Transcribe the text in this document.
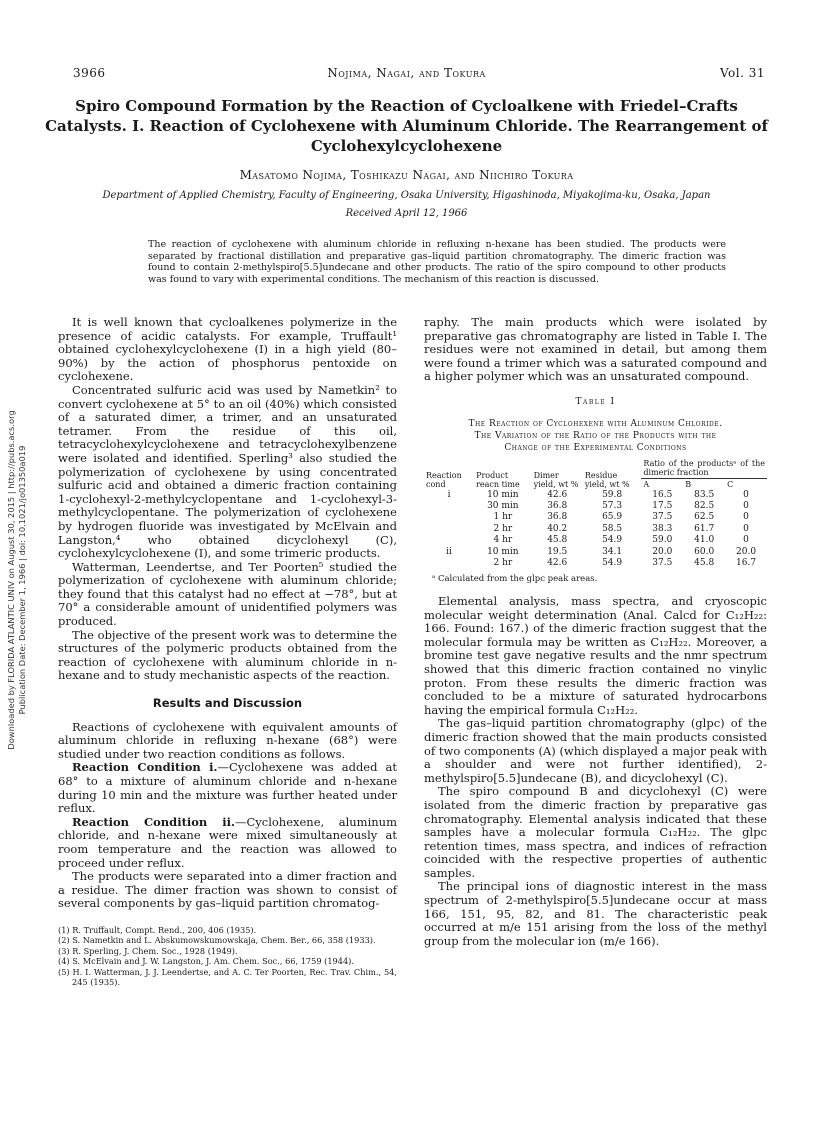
3966	Nojima, Nagai, and Tokura	Vol. 31
Downloaded by FLORIDA ATLANTIC UNIV on August 30, 2015 | http://pubs.acs.org
Publication Date: December 1, 1966 | doi: 10.1021/jo01350a019
Spiro Compound Formation by the Reaction of Cycloalkene with Friedel–Crafts Catalysts. I. Reaction of Cyclohexene with Aluminum Chloride. The Rearrangement of Cyclohexylcyclohexene
Masatomo Nojima, Toshikazu Nagai, and Niichiro Tokura
Department of Applied Chemistry, Faculty of Engineering, Osaka University, Higashinoda, Miyakojima-ku, Osaka, Japan
Received April 12, 1966
The reaction of cyclohexene with aluminum chloride in refluxing n-hexane has been studied. The products were separated by fractional distillation and preparative gas–liquid partition chromatography. The dimeric fraction was found to contain 2-methylspiro[5.5]undecane and other products. The ratio of the spiro compound to other products was found to vary with experimental conditions. The mechanism of this reaction is discussed.

It is well known that cycloalkenes polymerize in the presence of acidic catalysts. For example, Truffault¹ obtained cyclohexylcyclohexene (I) in a high yield (80–90%) by the action of phosphorus pentoxide on cyclohexene.

Concentrated sulfuric acid was used by Nametkin² to convert cyclohexene at 5° to an oil (40%) which consisted of a saturated dimer, a trimer, and an unsaturated tetramer. From the residue of this oil, tetracyclohexylcyclohexene and tetracyclohexylbenzene were isolated and identified. Sperling³ also studied the polymerization of cyclohexene by using concentrated sulfuric acid and obtained a dimeric fraction containing 1-cyclohexyl-2-methylcyclopentane and 1-cyclohexyl-3-methylcyclopentane. The polymerization of cyclohexene by hydrogen fluoride was investigated by McElvain and Langston,⁴ who obtained dicyclohexyl (C), cyclohexylcyclohexene (I), and some trimeric products.

Watterman, Leendertse, and Ter Poorten⁵ studied the polymerization of cyclohexene with aluminum chloride; they found that this catalyst had no effect at −78°, but at 70° a considerable amount of unidentified polymers was produced.

The objective of the present work was to determine the structures of the polymeric products obtained from the reaction of cyclohexene with aluminum chloride in n-hexane and to study mechanistic aspects of the reaction.

Results and Discussion

Reactions of cyclohexene with equivalent amounts of aluminum chloride in refluxing n-hexane (68°) were studied under two reaction conditions as follows.

Reaction Condition i.—Cyclohexene was added at 68° to a mixture of aluminum chloride and n-hexane during 10 min and the mixture was further heated under reflux.

Reaction Condition ii.—Cyclohexene, aluminum chloride, and n-hexane were mixed simultaneously at room temperature and the reaction was allowed to proceed under reflux.

The products were separated into a dimer fraction and a residue. The dimer fraction was shown to consist of several components by gas–liquid partition chromatog-

(1) R. Truffault, Compt. Rend., 200, 406 (1935).
(2) S. Nametkin and L. Abskumowskumowskaja, Chem. Ber., 66, 358 (1933).
(3) R. Sperling, J. Chem. Soc., 1928 (1949).
(4) S. McElvain and J. W. Langston, J. Am. Chem. Soc., 66, 1759 (1944).
(5) H. I. Watterman, J. J. Leendertse, and A. C. Ter Poorten, Rec. Trav. Chim., 54, 245 (1935).

raphy. The main products which were isolated by preparative gas chromatography are listed in Table I. The residues were not examined in detail, but among them were found a trimer which was a saturated compound and a higher polymer which was an unsaturated compound.

Table I
The Reaction of Cyclohexene with Aluminum Chloride.
The Variation of the Ratio of the Products with the
Change of the Experimental Conditions
Reaction cond	Product reacn time	Dimer yield, wt %	Residue yield, wt %	Ratio of the productsᵃ of the dimeric fraction		
				A	B	C
i	10 min	42.6	59.8	16.5	83.5	0
	30 min	36.8	57.3	17.5	82.5	0
	1 hr	36.8	65.9	37.5	62.5	0
	2 hr	40.2	58.5	38.3	61.7	0
	4 hr	45.8	54.9	59.0	41.0	0
ii	10 min	19.5	34.1	20.0	60.0	20.0
	2 hr	42.6	54.9	37.5	45.8	16.7
ᵃ Calculated from the glpc peak areas.

Elemental analysis, mass spectra, and cryoscopic molecular weight determination (Anal. Calcd for C₁₂H₂₂: 166. Found: 167.) of the dimeric fraction suggest that the molecular formula may be written as C₁₂H₂₂. Moreover, a bromine test gave negative results and the nmr spectrum showed that this dimeric fraction contained no vinylic proton. From these results the dimeric fraction was concluded to be a mixture of saturated hydrocarbons having the empirical formula C₁₂H₂₂.

The gas–liquid partition chromatography (glpc) of the dimeric fraction showed that the main products consisted of two components (A) (which displayed a major peak with a shoulder and were not further identified), 2-methylspiro[5.5]undecane (B), and dicyclohexyl (C).

The spiro compound B and dicyclohexyl (C) were isolated from the dimeric fraction by preparative gas chromatography. Elemental analysis indicated that these samples have a molecular formula C₁₂H₂₂. The glpc retention times, mass spectra, and indices of refraction coincided with the respective properties of authentic samples.

The principal ions of diagnostic interest in the mass spectrum of 2-methylspiro[5.5]undecane occur at mass 166, 151, 95, 82, and 81. The characteristic peak occurred at m/e 151 arising from the loss of the methyl group from the molecular ion (m/e 166).
